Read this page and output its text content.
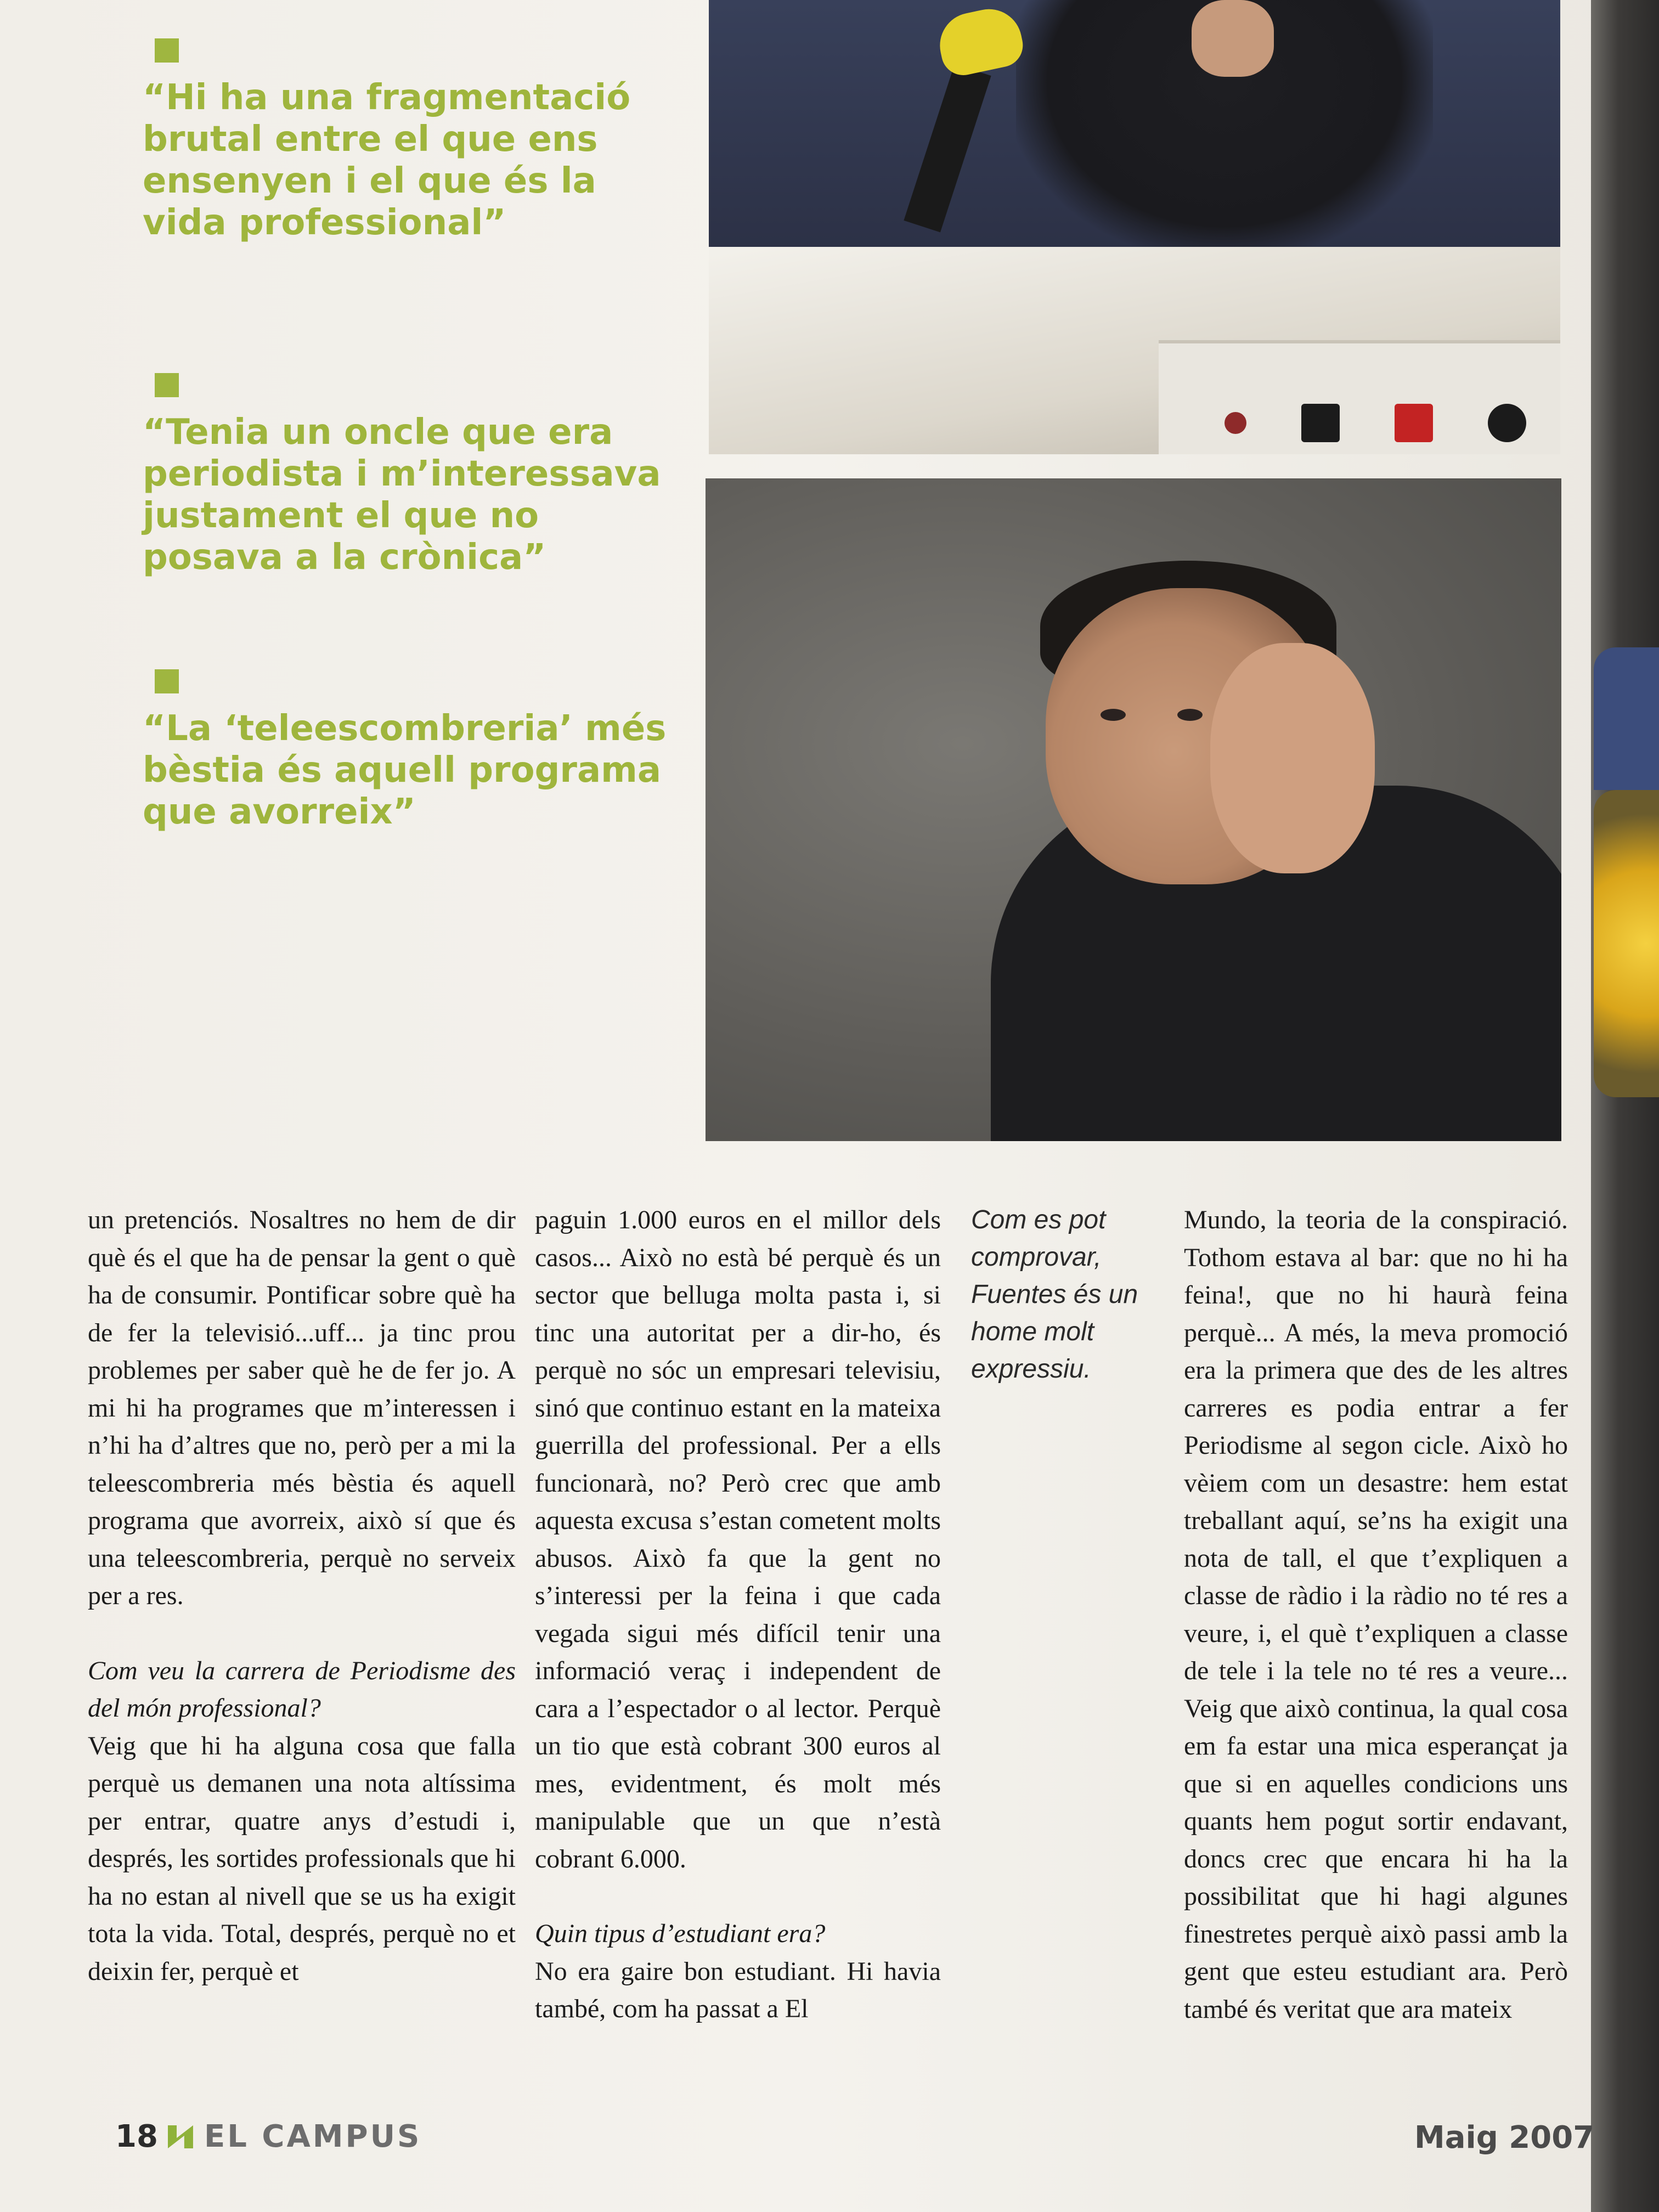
“Hi ha una fragmentació brutal entre el que ens ensenyen i el que és la vida professional”

“Tenia un oncle que era periodista i m’interessava justament el que no posava a la crònica”

“La ‘teleescombreria’ més bèstia és aquell programa que avorreix”

un pretenciós. Nosaltres no hem de dir què és el que ha de pensar la gent o què ha de consumir. Pontificar sobre què ha de fer la televisió...uff... ja tinc prou problemes per saber què he de fer jo. A mi hi ha programes que m’interessen i n’hi ha d’altres que no, però per a mi la teleescombreria més bèstia és aquell programa que avorreix, això sí que és una teleescombreria, perquè no serveix per a res.

Com veu la carrera de Periodisme des del món professional?

Veig que hi ha alguna cosa que falla perquè us demanen una nota altíssima per entrar, quatre anys d’estudi i, després, les sortides professionals que hi ha no estan al nivell que se us ha exigit tota la vida. Total, després, perquè no et deixin fer, perquè et

paguin 1.000 euros en el millor dels casos... Això no està bé perquè és un sector que belluga molta pasta i, si tinc una autoritat per a dir-ho, és perquè no sóc un empresari televisiu, sinó que continuo estant en la mateixa guerrilla del professional. Per a ells funcionarà, no? Però crec que amb aquesta excusa s’estan cometent molts abusos. Això fa que la gent no s’interessi per la feina i que cada vegada sigui més difícil tenir una informació veraç i independent de cara a l’espectador o al lector. Perquè un tio que està cobrant 300 euros al mes, evidentment, és molt més manipulable que un que n’està cobrant 6.000.

Quin tipus d’estudiant era?

No era gaire bon estudiant. Hi havia també, com ha passat a El

Com es pot comprovar, Fuentes és un home molt expressiu.

Mundo, la teoria de la conspiració. Tothom estava al bar: que no hi ha feina!, que no hi haurà feina perquè... A més, la meva promoció era la primera que des de les altres carreres es podia entrar a fer Periodisme al segon cicle. Això ho vèiem com un desastre: hem estat treballant aquí, se’ns ha exigit una nota de tall, el que t’expliquen a classe de ràdio i la ràdio no té res a veure, i, el què t’expliquen a classe de tele i la tele no té res a veure... Veig que això continua, la qual cosa em fa estar una mica esperançat ja que si en aquelles condicions uns quants hem pogut sortir endavant, doncs crec que encara hi ha la possibilitat que hi hagi algunes finestretes perquè això passi amb la gent que esteu estudiant ara. Però també és veritat que ara mateix

18 EL CAMPUS	Maig 2007
